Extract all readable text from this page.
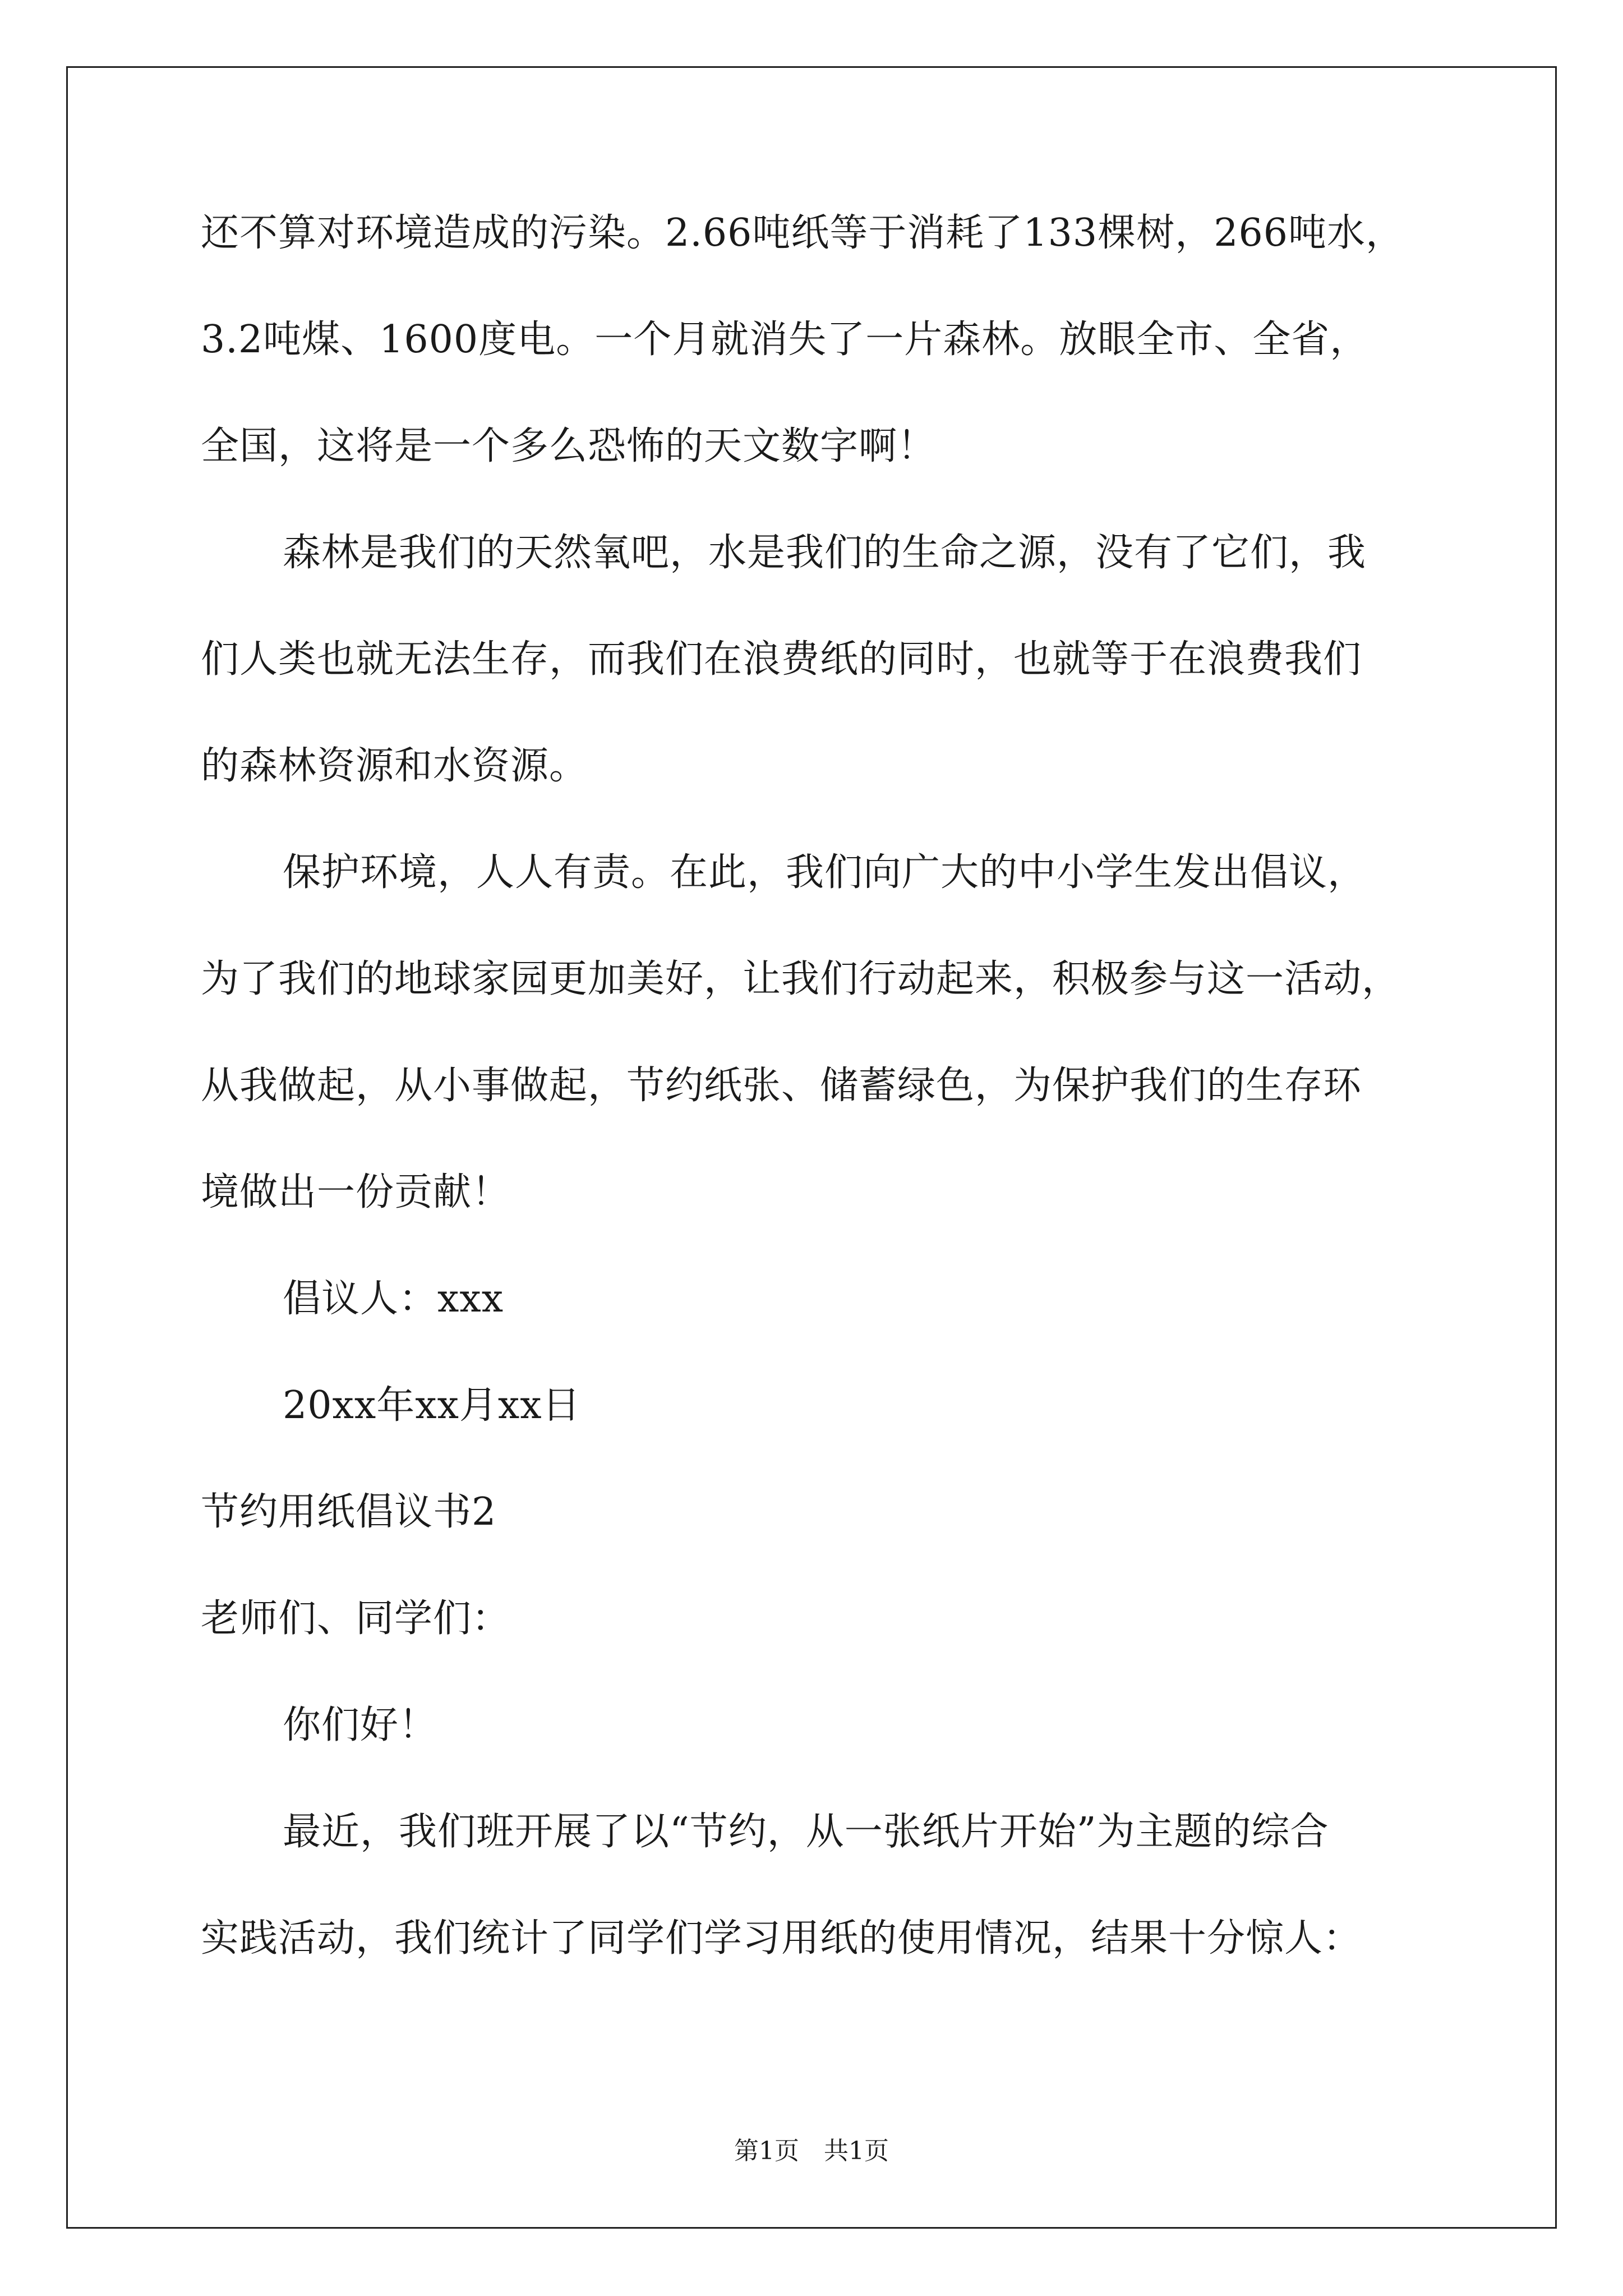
还不算对环境造成的污染。2.66吨纸等于消耗了133棵树，266吨水，

3.2吨煤、1600度电。一个月就消失了一片森林。放眼全市、全省，

全国，这将是一个多么恐怖的天文数字啊！

森林是我们的天然氧吧，水是我们的生命之源，没有了它们，我

们人类也就无法生存，而我们在浪费纸的同时，也就等于在浪费我们

的森林资源和水资源。

保护环境，人人有责。在此，我们向广大的中小学生发出倡议，

为了我们的地球家园更加美好，让我们行动起来，积极参与这一活动，

从我做起，从小事做起，节约纸张、储蓄绿色，为保护我们的生存环

境做出一份贡献！

倡议人：xxx

20xx年xx月xx日

节约用纸倡议书2

老师们、同学们：

你们好！

最近，我们班开展了以“节约，从一张纸片开始”为主题的综合

实践活动，我们统计了同学们学习用纸的使用情况，结果十分惊人：

第1页　共1页
